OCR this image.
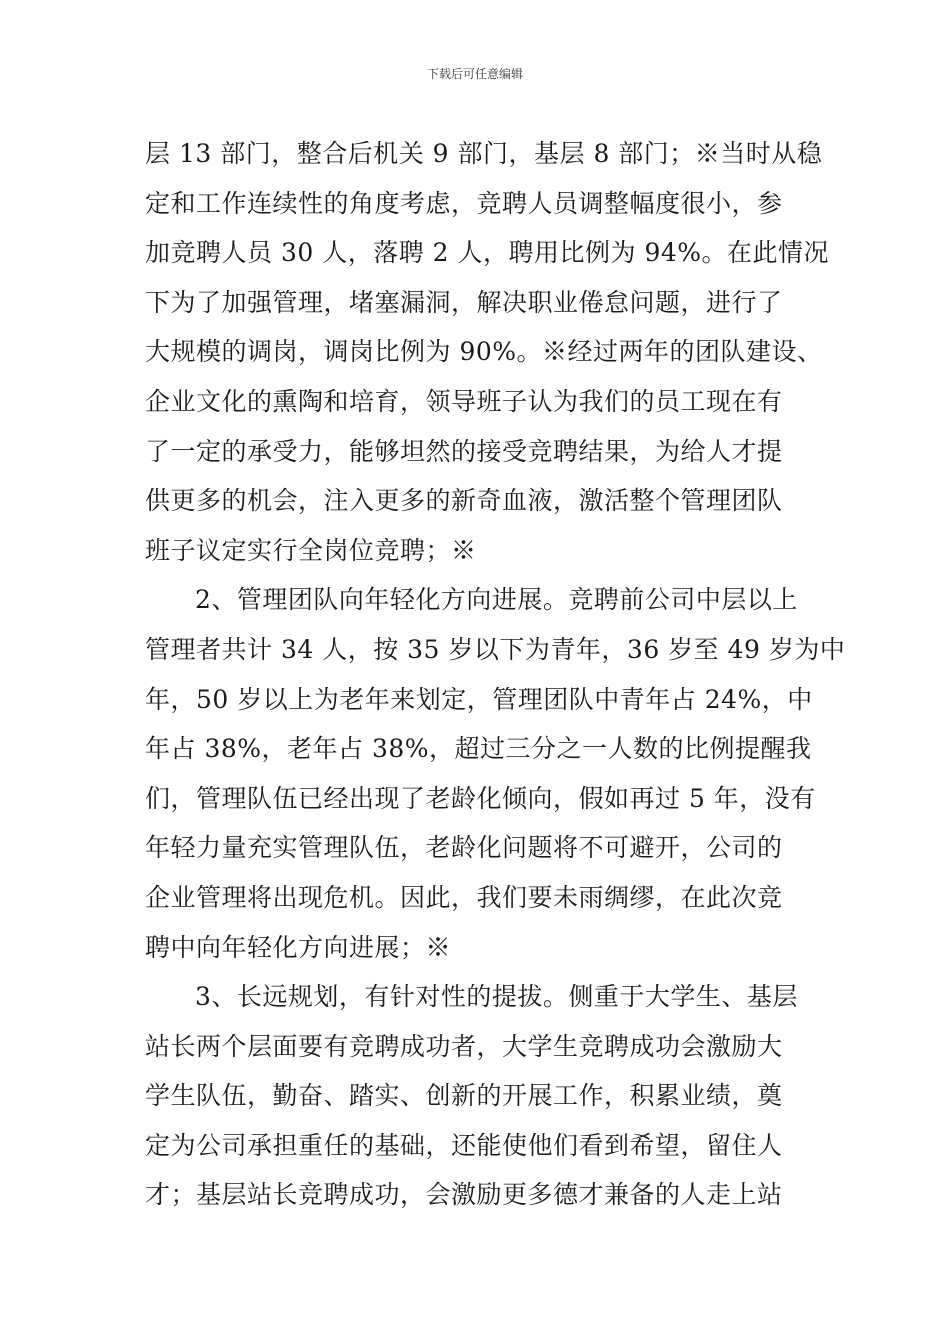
下载后可任意编辑
层 13 部门，整合后机关 9 部门，基层 8 部门；※当时从稳
定和工作连续性的角度考虑，竞聘人员调整幅度很小，参
加竞聘人员 30 人，落聘 2 人，聘用比例为 94%。在此情况
下为了加强管理，堵塞漏洞，解决职业倦怠问题，进行了
大规模的调岗，调岗比例为 90%。※经过两年的团队建设、
企业文化的熏陶和培育，领导班子认为我们的员工现在有
了一定的承受力，能够坦然的接受竞聘结果，为给人才提
供更多的机会，注入更多的新奇血液，激活整个管理团队
班子议定实行全岗位竞聘；※
2、管理团队向年轻化方向进展。竞聘前公司中层以上
管理者共计 34 人，按 35 岁以下为青年，36 岁至 49 岁为中
年，50 岁以上为老年来划定，管理团队中青年占 24%，中
年占 38%，老年占 38%，超过三分之一人数的比例提醒我
们，管理队伍已经出现了老龄化倾向，假如再过 5 年，没有
年轻力量充实管理队伍，老龄化问题将不可避开，公司的
企业管理将出现危机。因此，我们要未雨绸缪，在此次竞
聘中向年轻化方向进展；※
3、长远规划，有针对性的提拔。侧重于大学生、基层
站长两个层面要有竞聘成功者，大学生竞聘成功会激励大
学生队伍，勤奋、踏实、创新的开展工作，积累业绩，奠
定为公司承担重任的基础，还能使他们看到希望，留住人
才；基层站长竞聘成功，会激励更多德才兼备的人走上站
